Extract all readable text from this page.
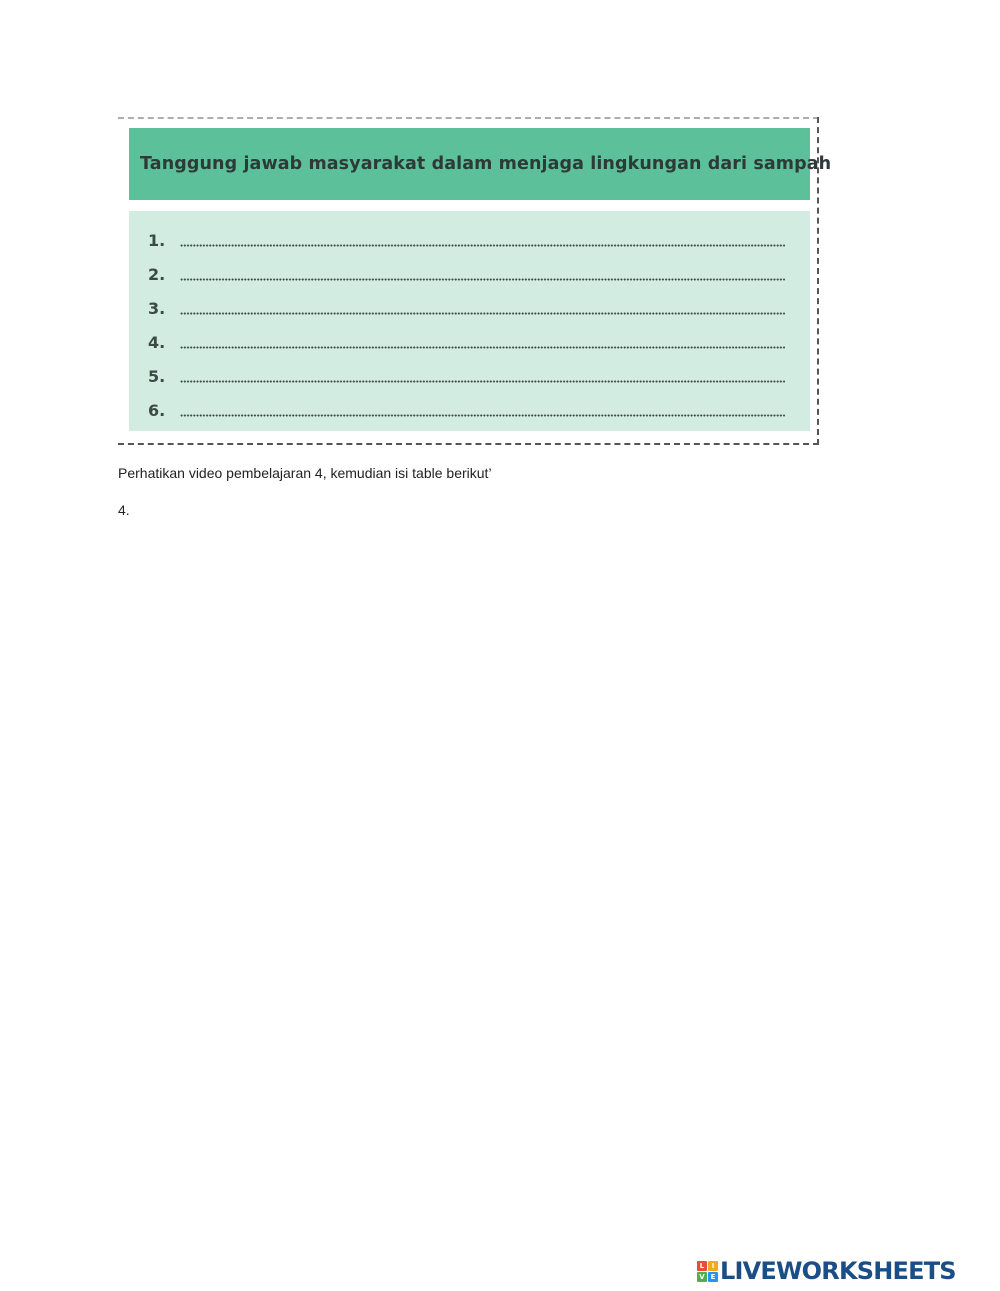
Tanggung jawab masyarakat dalam menjaga lingkungan dari sampah
1.
2.
3.
4.
5.
6.
Perhatikan video pembelajaran 4, kemudian isi table berikut’
4.
L	I
V E LIVEWORKSHEETS
